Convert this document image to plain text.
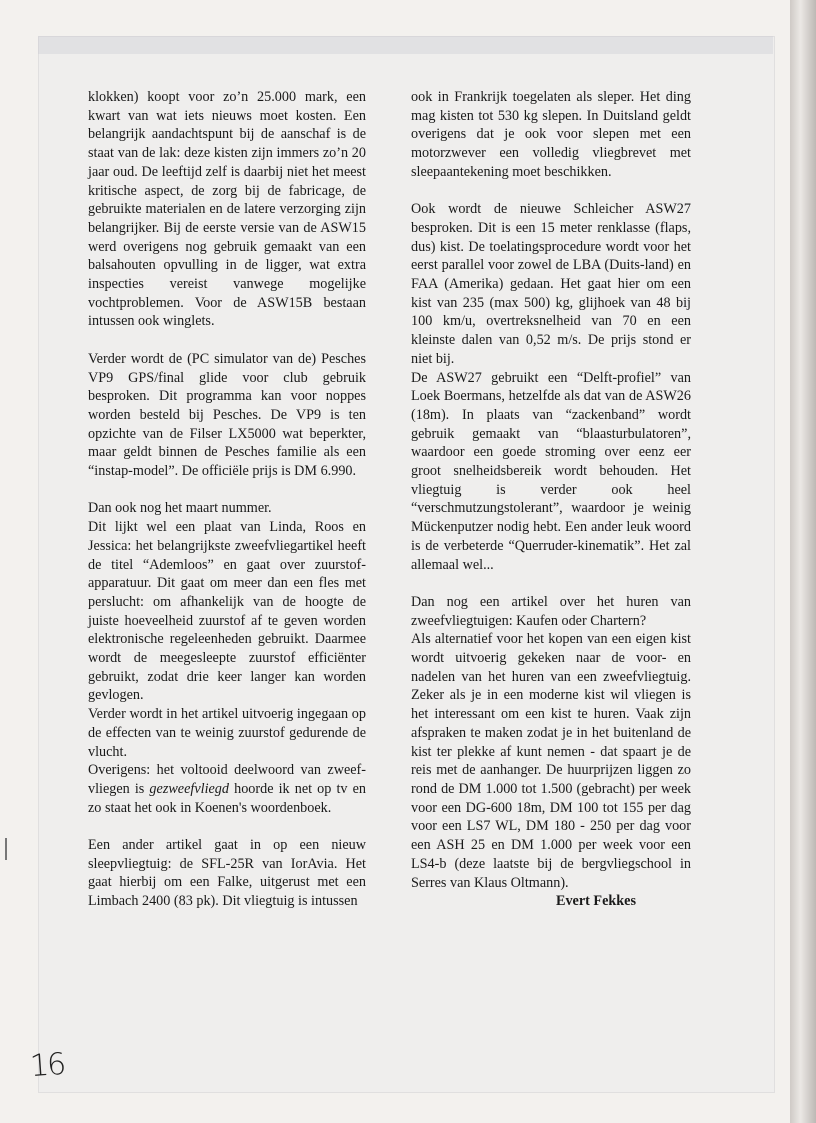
klokken) koopt voor zo’n 25.000 mark, een kwart van wat iets nieuws moet kosten. Een belangrijk aandachtspunt bij de aanschaf is de staat van de lak: deze kisten zijn immers zo’n 20 jaar oud. De leeftijd zelf is daarbij niet het meest kritische aspect, de zorg bij de fabricage, de gebruikte materialen en de latere verzorging zijn belangrijker. Bij de eerste versie van de ASW15 werd overigens nog gebruik gemaakt van een balsahouten opvulling in de ligger, wat extra inspecties vereist vanwege mogelijke vochtproblemen. Voor de ASW15B bestaan intussen ook winglets.

Verder wordt de (PC simulator van de) Pesches VP9 GPS/final glide voor club gebruik besproken. Dit programma kan voor noppes worden besteld bij Pesches. De VP9 is ten opzichte van de Filser LX5000 wat beperkter, maar geldt binnen de Pesches familie als een “instap-model”. De officiële prijs is DM 6.990.

Dan ook nog het maart nummer.

Dit lijkt wel een plaat van Linda, Roos en Jessica: het belangrijkste zweefvliegartikel heeft de titel “Ademloos” en gaat over zuurstof-apparatuur. Dit gaat om meer dan een fles met perslucht: om afhankelijk van de hoogte de juiste hoeveelheid zuurstof af te geven worden elektronische regeleenheden gebruikt. Daarmee wordt de meegesleepte zuurstof efficiënter gebruikt, zodat drie keer langer kan worden gevlogen.

Verder wordt in het artikel uitvoerig ingegaan op de effecten van te weinig zuurstof gedurende de vlucht.

Overigens: het voltooid deelwoord van zweef-vliegen is gezweefvliegd hoorde ik net op tv en zo staat het ook in Koenen's woordenboek.

Een ander artikel gaat in op een nieuw sleepvliegtuig: de SFL-25R van IorAvia. Het gaat hierbij om een Falke, uitgerust met een Limbach 2400 (83 pk). Dit vliegtuig is intussen

ook in Frankrijk toegelaten als sleper. Het ding mag kisten tot 530 kg slepen. In Duitsland geldt overigens dat je ook voor slepen met een motorzwever een volledig vliegbrevet met sleepaantekening moet beschikken.

Ook wordt de nieuwe Schleicher ASW27 besproken. Dit is een 15 meter renklasse (flaps, dus) kist. De toelatingsprocedure wordt voor het eerst parallel voor zowel de LBA (Duits-land) en FAA (Amerika) gedaan. Het gaat hier om een kist van 235 (max 500) kg, glijhoek van 48 bij 100 km/u, overtreksnelheid van 70 en een kleinste dalen van 0,52 m/s. De prijs stond er niet bij.

De ASW27 gebruikt een “Delft-profiel” van Loek Boermans, hetzelfde als dat van de ASW26 (18m). In plaats van “zackenband” wordt gebruik gemaakt van “blaasturbulatoren”, waardoor een goede stroming over eenz eer groot snelheidsbereik wordt behouden. Het vliegtuig is verder ook heel “verschmutzungstolerant”, waardoor je weinig Mückenputzer nodig hebt. Een ander leuk woord is de verbeterde “Querruder-kinematik”. Het zal allemaal wel...

Dan nog een artikel over het huren van zweefvliegtuigen: Kaufen oder Chartern?

Als alternatief voor het kopen van een eigen kist wordt uitvoerig gekeken naar de voor- en nadelen van het huren van een zweefvliegtuig. Zeker als je in een moderne kist wil vliegen is het interessant om een kist te huren. Vaak zijn afspraken te maken zodat je in het buitenland de kist ter plekke af kunt nemen - dat spaart je de reis met de aanhanger. De huurprijzen liggen zo rond de DM 1.000 tot 1.500 (gebracht) per week voor een DG-600 18m, DM 100 tot 155 per dag voor een LS7 WL, DM 180 - 250 per dag voor een ASH 25 en DM 1.000 per week voor een LS4-b (deze laatste bij de bergvliegschool in Serres van Klaus Oltmann).

Evert Fekkes

16
